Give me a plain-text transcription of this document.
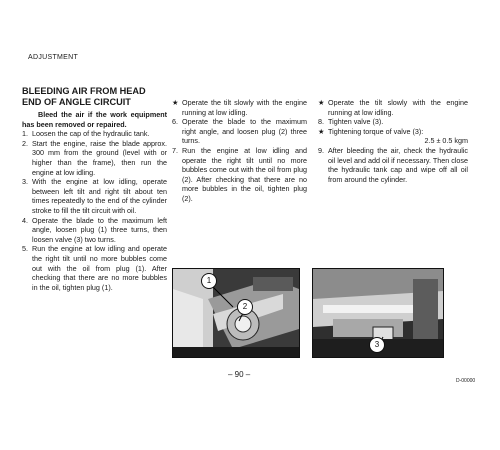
ADJUSTMENT

BLEEDING AIR FROM HEAD

END OF ANGLE CIRCUIT

Bleed the air if the work equipment has been removed or repaired.

1. Loosen the cap of the hydraulic tank.
2. Start the engine, raise the blade approx. 300 mm from the ground (level with or higher than the frame), then run the engine at low idling.
3. With the engine at low idling, operate between left tilt and right tilt about ten times repeatedly to the end of the cylinder stroke to fill the tilt circuit with oil.
4. Operate the blade to the maximum left angle, loosen plug (1) three turns, then loosen valve (3) two turns.
5. Run the engine at low idling and operate the right tilt until no more bubbles come out with the oil from plug (1). After checking that there are no more bubbles in the oil, tighten plug (1).
★ Operate the tilt slowly with the engine running at low idling.
6. Operate the blade to the maximum right angle, and loosen plug (2) three turns.
7. Run the engine at low idling and operate the right tilt until no more bubbles come out with the oil from plug (2). After checking that there are no more bubbles in the oil, tighten plug (2).
★ Operate the tilt slowly with the engine running at low idling.
8. Tighten valve (3).
★ Tightening torque of valve (3):
2.5 ± 0.5 kgm
9. After bleeding the air, check the hydraulic oil level and add oil if necessary. Then close the hydraulic tank cap and wipe off all oil from around the cylinder.
1
2
3
– 90 –
D-00000
